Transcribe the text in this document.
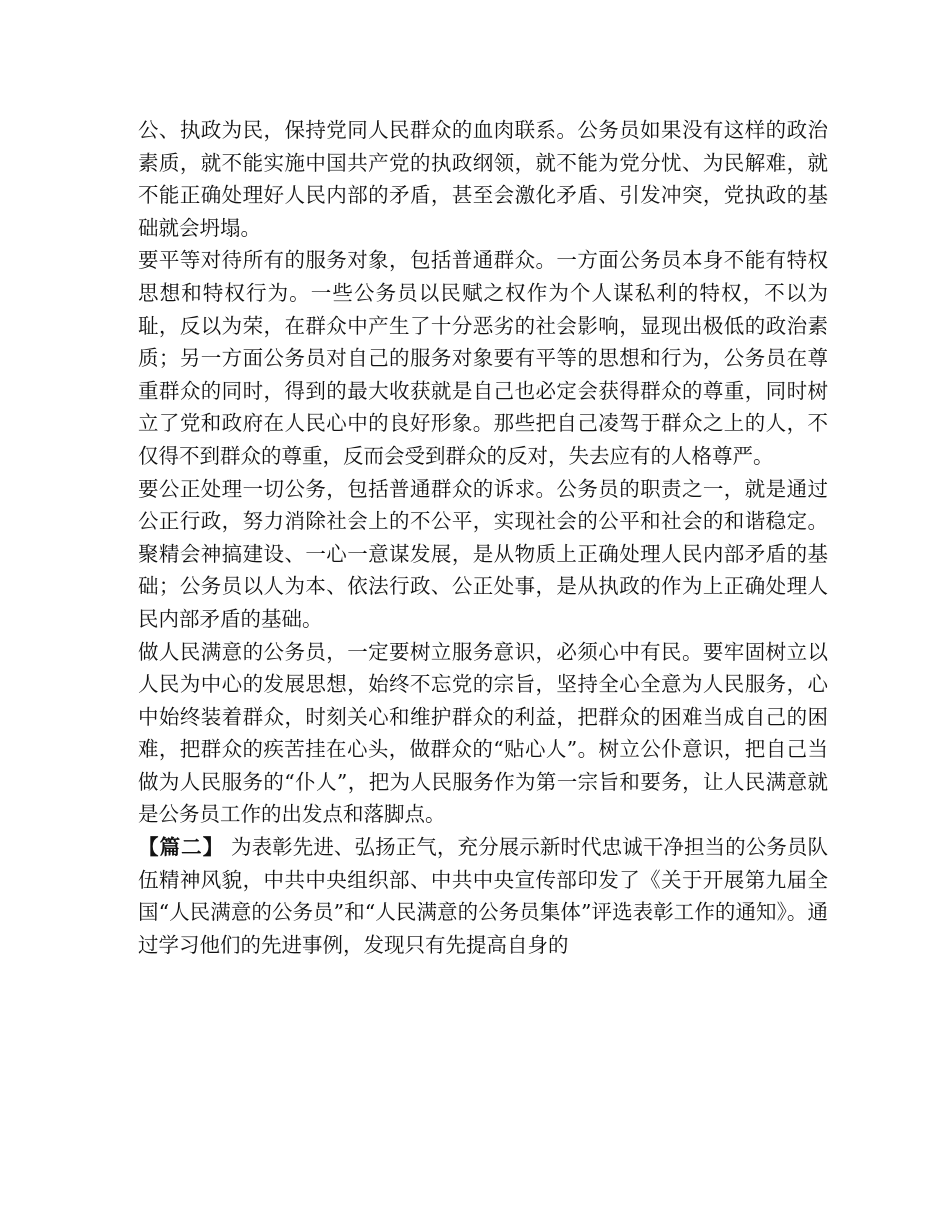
公、执政为民，保持党同人民群众的血肉联系。公务员如果没有这样的政治素质，就不能实施中国共产党的执政纲领，就不能为党分忧、为民解难，就不能正确处理好人民内部的矛盾，甚至会激化矛盾、引发冲突，党执政的基础就会坍塌。

要平等对待所有的服务对象，包括普通群众。一方面公务员本身不能有特权思想和特权行为。一些公务员以民赋之权作为个人谋私利的特权，不以为耻，反以为荣，在群众中产生了十分恶劣的社会影响，显现出极低的政治素质；另一方面公务员对自己的服务对象要有平等的思想和行为，公务员在尊重群众的同时，得到的最大收获就是自己也必定会获得群众的尊重，同时树立了党和政府在人民心中的良好形象。那些把自己凌驾于群众之上的人，不仅得不到群众的尊重，反而会受到群众的反对，失去应有的人格尊严。

要公正处理一切公务，包括普通群众的诉求。公务员的职责之一，就是通过公正行政，努力消除社会上的不公平，实现社会的公平和社会的和谐稳定。聚精会神搞建设、一心一意谋发展，是从物质上正确处理人民内部矛盾的基础；公务员以人为本、依法行政、公正处事，是从执政的作为上正确处理人民内部矛盾的基础。

做人民满意的公务员，一定要树立服务意识，必须心中有民。要牢固树立以人民为中心的发展思想，始终不忘党的宗旨，坚持全心全意为人民服务，心中始终装着群众，时刻关心和维护群众的利益，把群众的困难当成自己的困难，把群众的疾苦挂在心头，做群众的“贴心人”。树立公仆意识，把自己当做为人民服务的“仆人”，把为人民服务作为第一宗旨和要务，让人民满意就是公务员工作的出发点和落脚点。

【篇二】 为表彰先进、弘扬正气，充分展示新时代忠诚干净担当的公务员队伍精神风貌，中共中央组织部、中共中央宣传部印发了《关于开展第九届全国“人民满意的公务员”和“人民满意的公务员集体”评选表彰工作的通知》。通过学习他们的先进事例，发现只有先提高自身的
